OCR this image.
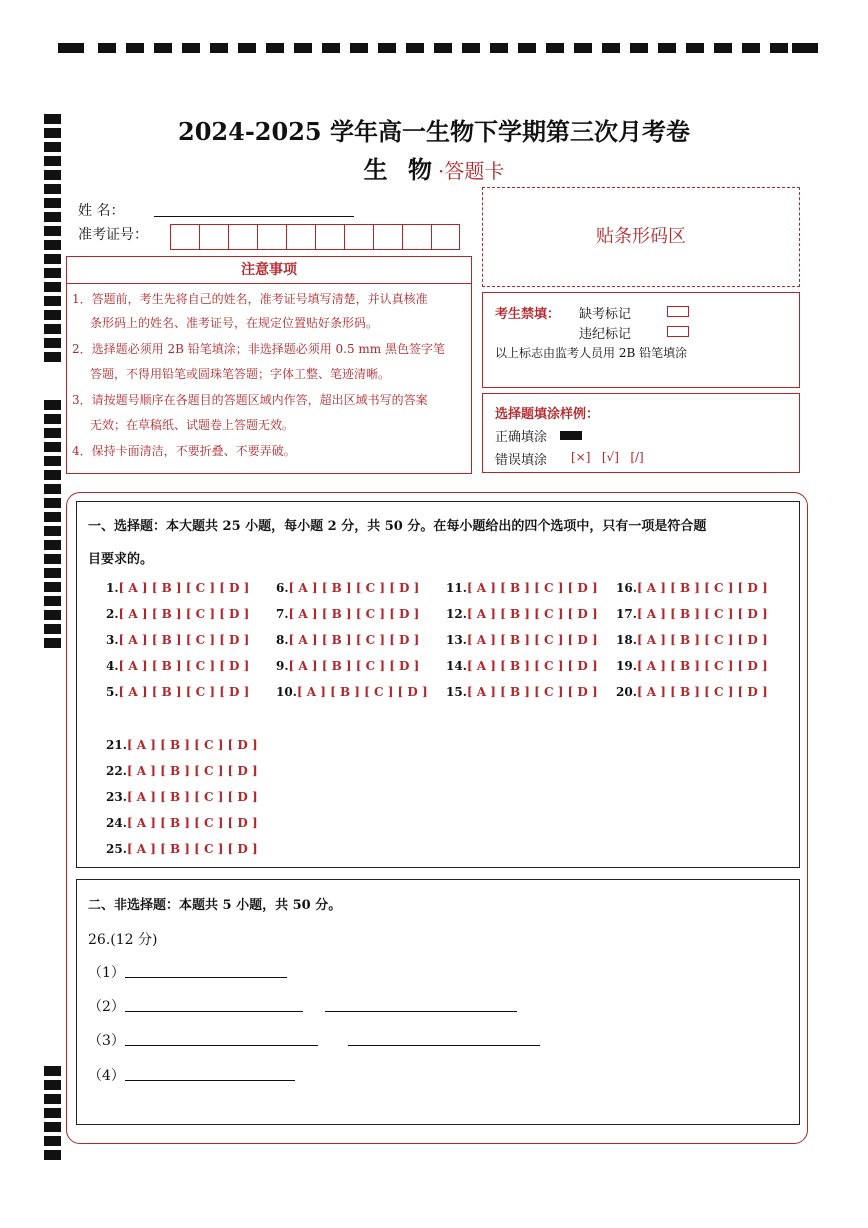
2024-2025 学年高一生物下学期第三次月考卷
生 物·答题卡
姓 名：
准考证号：
注意事项
1．答题前，考生先将自己的姓名，准考证号填写清楚，并认真核准
条形码上的姓名、准考证号，在规定位置贴好条形码。
2．选择题必须用 2B 铅笔填涂；非选择题必须用 0.5 mm 黑色签字笔
答题，不得用铅笔或圆珠笔答题；字体工整、笔迹清晰。
3．请按题号顺序在各题目的答题区域内作答，超出区域书写的答案
无效；在草稿纸、试题卷上答题无效。
4．保持卡面清洁，不要折叠、不要弄破。
贴条形码区
考生禁填： 缺考标记
违纪标记
以上标志由监考人员用 2B 铅笔填涂
选择题填涂样例：
正确填涂
错误填涂 [×]   [√]   [/]
一、选择题：本大题共 25 小题，每小题 2 分，共 50 分。在每小题给出的四个选项中，只有一项是符合题
目要求的。
1.[ A ] [ B ] [ C ] [ D ]
2.[ A ] [ B ] [ C ] [ D ]
3.[ A ] [ B ] [ C ] [ D ]
4.[ A ] [ B ] [ C ] [ D ]
5.[ A ] [ B ] [ C ] [ D ]
6.[ A ] [ B ] [ C ] [ D ]
7.[ A ] [ B ] [ C ] [ D ]
8.[ A ] [ B ] [ C ] [ D ]
9.[ A ] [ B ] [ C ] [ D ]
10.[ A ] [ B ] [ C ] [ D ]
11.[ A ] [ B ] [ C ] [ D ]
12.[ A ] [ B ] [ C ] [ D ]
13.[ A ] [ B ] [ C ] [ D ]
14.[ A ] [ B ] [ C ] [ D ]
15.[ A ] [ B ] [ C ] [ D ]
16.[ A ] [ B ] [ C ] [ D ]
17.[ A ] [ B ] [ C ] [ D ]
18.[ A ] [ B ] [ C ] [ D ]
19.[ A ] [ B ] [ C ] [ D ]
20.[ A ] [ B ] [ C ] [ D ]
21.[ A ] [ B ] [ C ] [ D ]
22.[ A ] [ B ] [ C ] [ D ]
23.[ A ] [ B ] [ C ] [ D ]
24.[ A ] [ B ] [ C ] [ D ]
25.[ A ] [ B ] [ C ] [ D ]
二、非选择题：本题共 5 小题，共 50 分。
26.(12 分)
（1）
（2）
（3）
（4）
